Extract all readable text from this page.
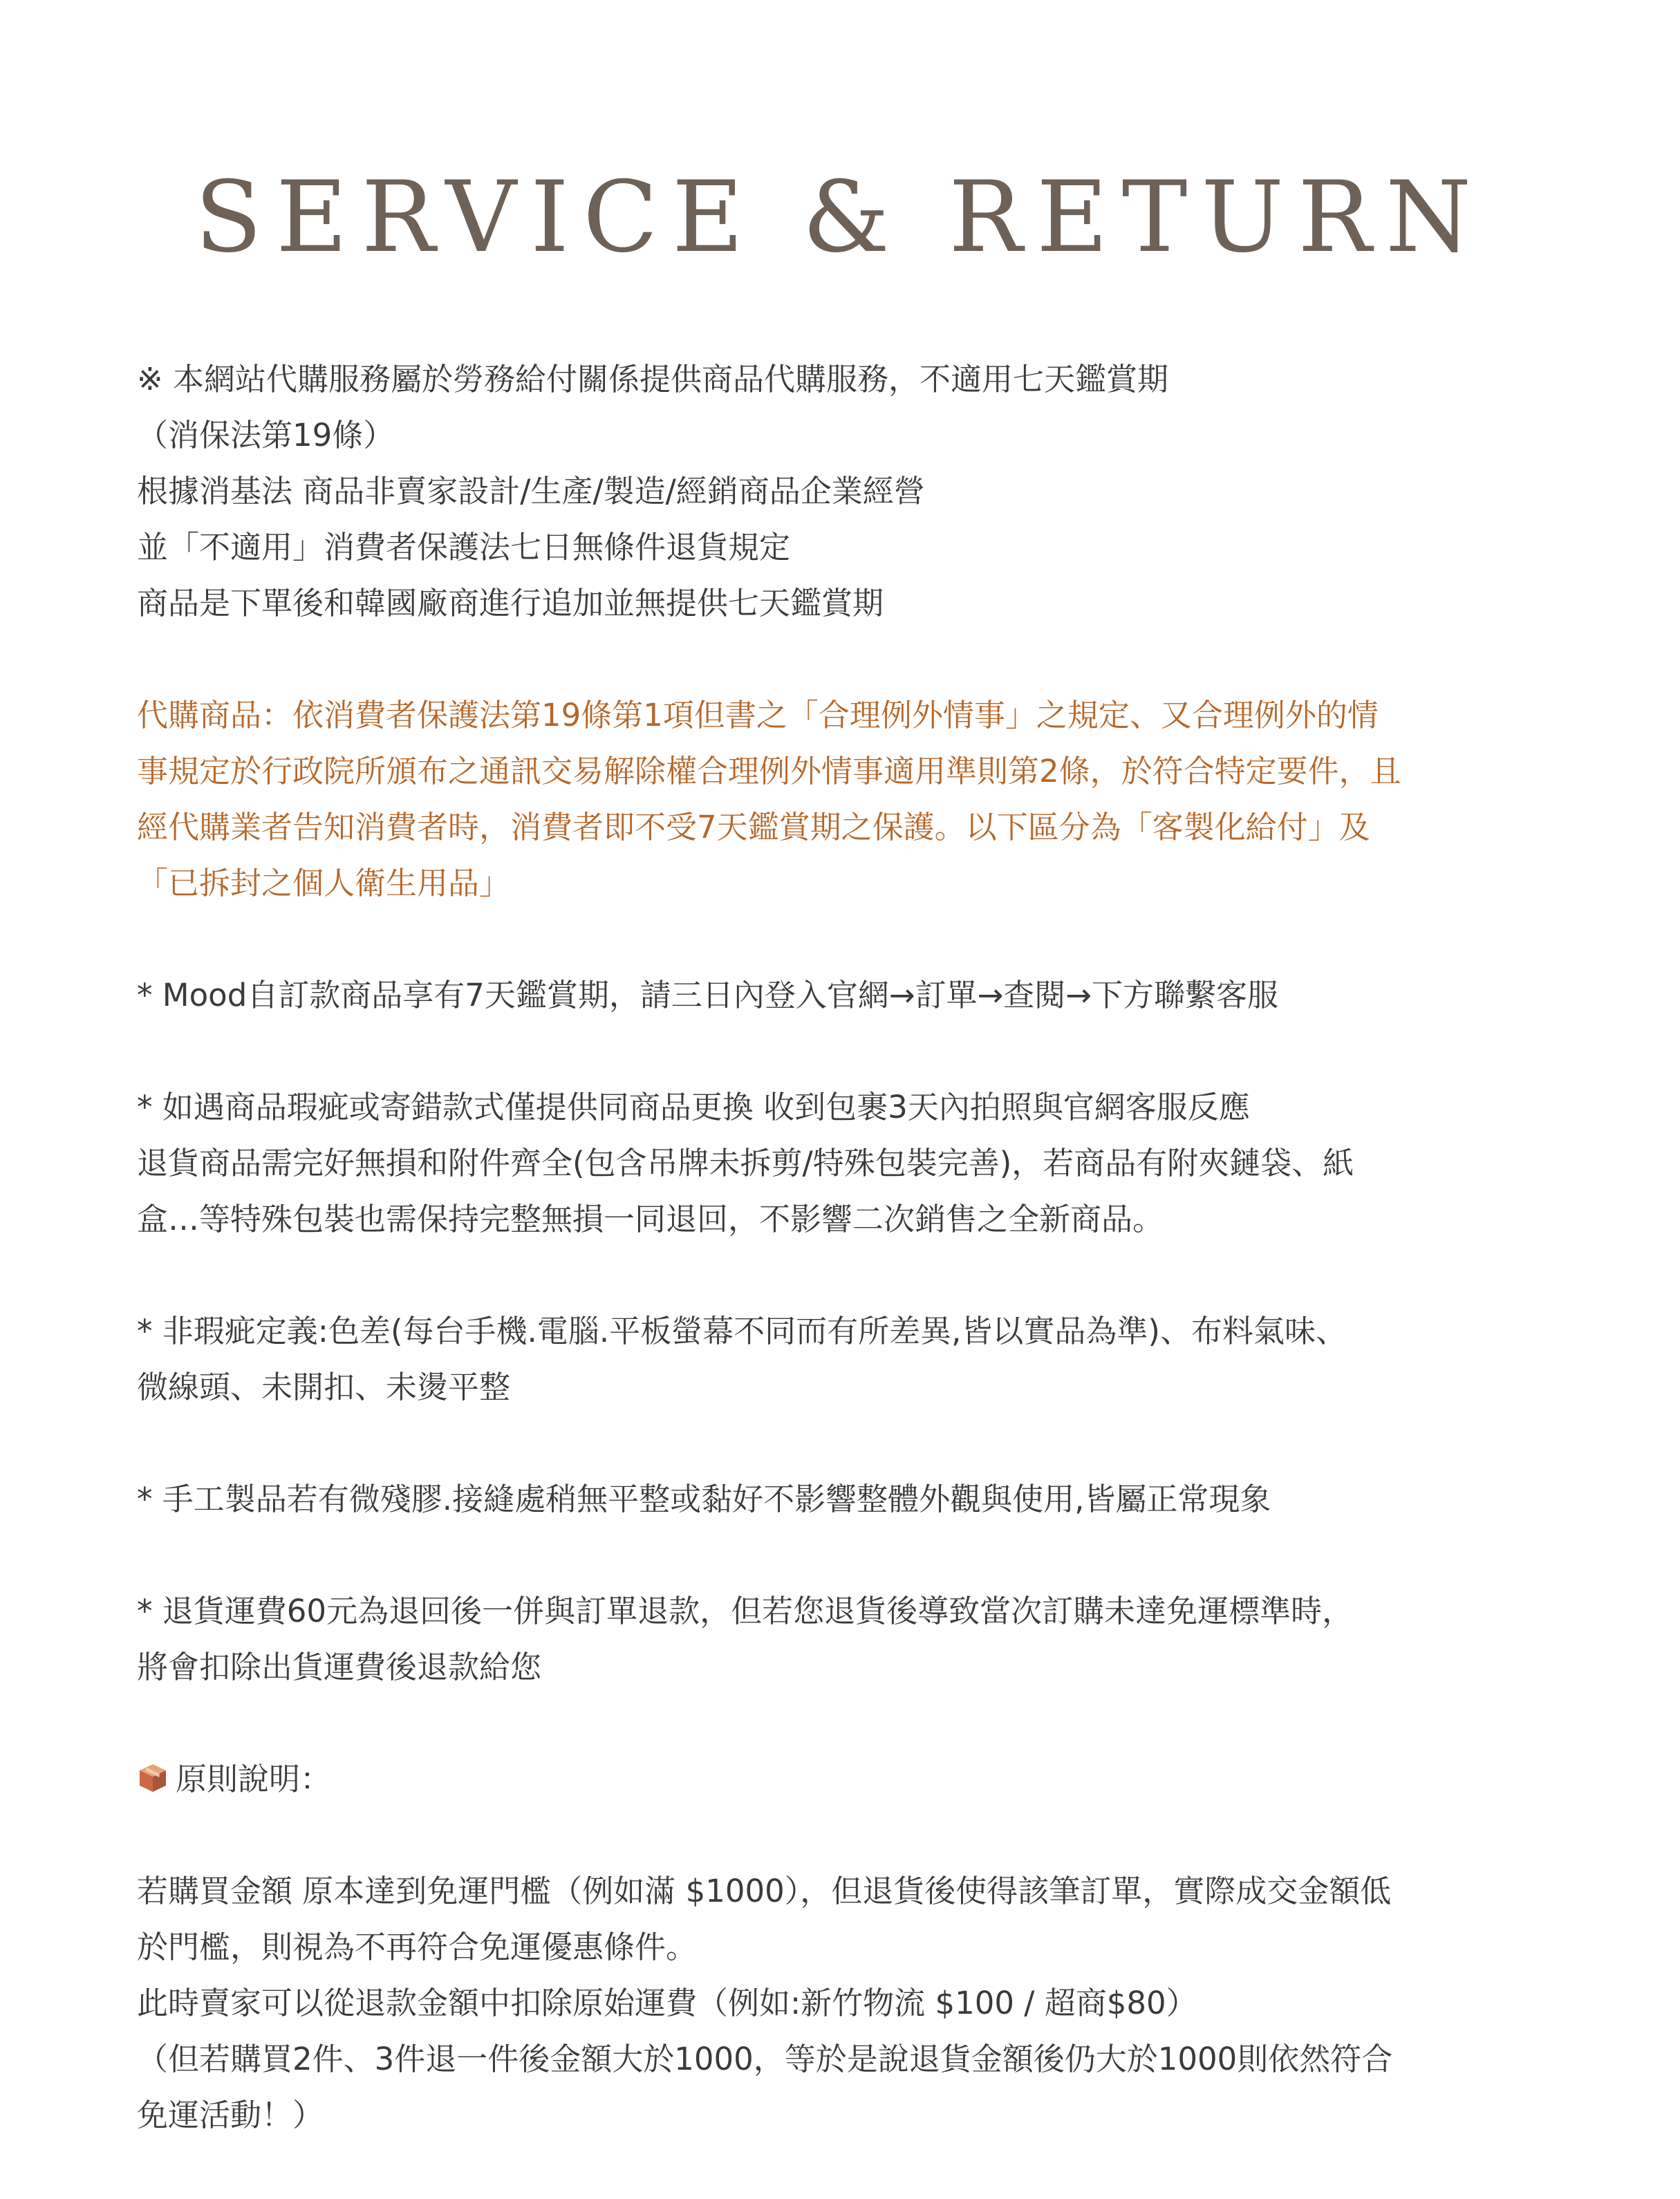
SERVICE & RETURN
※ 本網站代購服務屬於勞務給付關係提供商品代購服務，不適用七天鑑賞期
（消保法第19條）
根據消基法 商品非賣家設計/生產/製造/經銷商品企業經營
並「不適用」消費者保護法七日無條件退貨規定
商品是下單後和韓國廠商進行追加並無提供七天鑑賞期
代購商品：依消費者保護法第19條第1項但書之「合理例外情事」之規定、又合理例外的情
事規定於行政院所頒布之通訊交易解除權合理例外情事適用準則第2條，於符合特定要件，且
經代購業者告知消費者時，消費者即不受7天鑑賞期之保護。以下區分為「客製化給付」及
「已拆封之個人衛生用品」
* Mood自訂款商品享有7天鑑賞期，請三日內登入官網→訂單→查閱→下方聯繫客服
* 如遇商品瑕疵或寄錯款式僅提供同商品更換 收到包裹3天內拍照與官網客服反應
退貨商品需完好無損和附件齊全(包含吊牌未拆剪/特殊包裝完善)，若商品有附夾鏈袋、紙
盒…等特殊包裝也需保持完整無損一同退回，不影響二次銷售之全新商品。
* 非瑕疵定義:色差(每台手機.電腦.平板螢幕不同而有所差異,皆以實品為準)、布料氣味、
微線頭、未開扣、未燙平整
* 手工製品若有微殘膠.接縫處稍無平整或黏好不影響整體外觀與使用,皆屬正常現象
* 退貨運費60元為退回後一併與訂單退款，但若您退貨後導致當次訂購未達免運標準時，
將會扣除出貨運費後退款給您
原則說明：
若購買金額 原本達到免運門檻（例如滿 $1000），但退貨後使得該筆訂單，實際成交金額低
於門檻，則視為不再符合免運優惠條件。
此時賣家可以從退款金額中扣除原始運費（例如:新竹物流 $100 / 超商$80）
（但若購買2件、3件退一件後金額大於1000，等於是說退貨金額後仍大於1000則依然符合
免運活動！）
